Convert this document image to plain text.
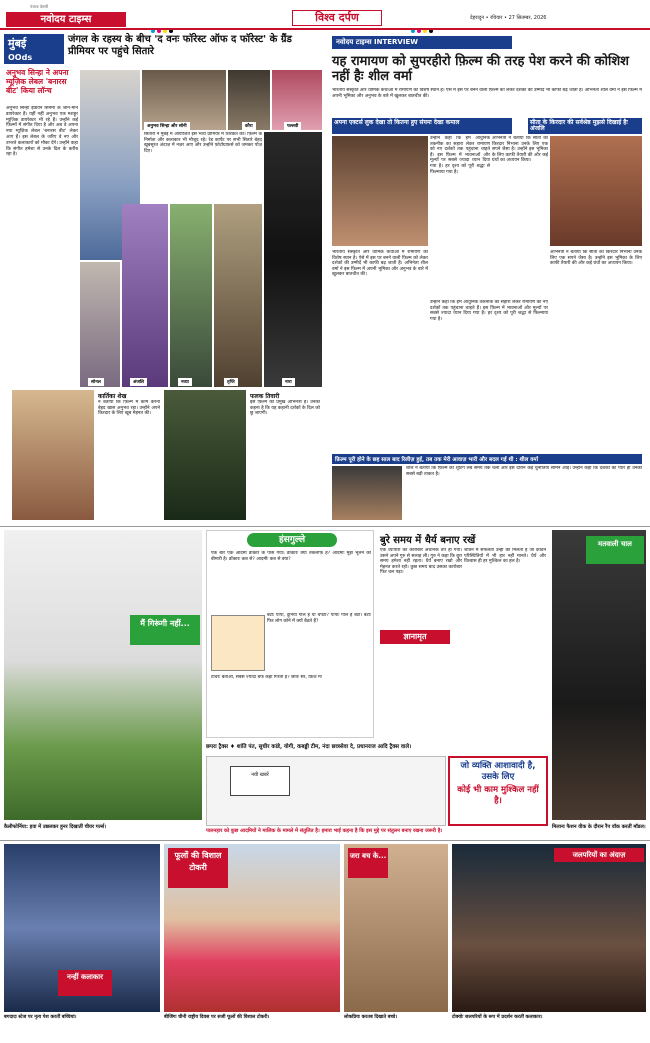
नवोदय टाइम्स
पंजाब केसरी
विश्व दर्पण	देहरादून • रविवार • 27 सितम्बर, 2026
मुंबई
OOds
जंगल के रहस्य के बीच 'द वनः फॉरेस्ट ऑफ द फॉरेस्ट' के ग्रैंड प्रीमियर पर पहुंचे सितारे
अनुभव सिन्हा ने अपना म्यूज़िक लेबल 'बनारस बीट' किया लॉन्च
अनुभव सिन्हा इंडियन सिनेमा के जाने-माने डायरेक्टर हैं। यहीं नहीं अनुभव एक मशहूर म्यूज़िक डायरेक्टर भी रहे हैं। उन्होंने कई फ़िल्मों में संगीत दिया है और अब वे अपना नया म्यूज़िक लेबल 'बनारस बीट' लेकर आए हैं। इस लेबल के जरिए वे नए और उभरते कलाकारों को मौका देंगे। उन्होंने कहा कि संगीत हमेशा से उनके दिल के करीब रहा है।
अनुभव सिन्हा और सोनी	कौरा	पल्लवी
सितारों ने मुंबई में आयोजित इस भव्य प्रीमियर में शिरकत की। फ़िल्म के निर्माता और कलाकार भी मौजूद रहे। रेड कार्पेट पर सभी सितारे बेहद खूबसूरत अंदाज़ में नज़र आए और उन्होंने फ़ोटोग्राफ़र्स को जमकर पोज़ दिए।
सोनल	अंजलि	नव्या	तृप्ति	नारा
कार्तिका शेख
ने बताया कि फ़िल्म में काम करना बेहद खास अनुभव रहा। उन्होंने अपने किरदार के लिए खूब मेहनत की।
फलक तिवारी
इस फ़िल्म की प्रमुख अभिनेत्री हैं। उनका कहना है कि यह कहानी दर्शकों के दिल को छू जाएगी।
नवोदय टाइम्स INTERVIEW
यह रामायण को सुपरहीरो फ़िल्म की तरह पेश करने की कोशिश नहीं हैः शील वर्मा
भारतीय संस्कृति और धार्मिक कथाओं में रामायण का विशेष स्थान है। ऐसे में इस पर बनने वाली फ़िल्म को लेकर दर्शकों की उम्मीदें भी काफी बढ़ जाती हैं। अभिनेता शील वर्मा ने इस फ़िल्म में अपनी भूमिका और अनुभव के बारे में खुलकर बातचीत की।
अपना एक्टर्स लुक देखा तो कितना हुए संयमः देखा कमाल	सीता के किरदार की सर्वश्रेष्ठ मुझसे दिखाई हैः अंजलि
उन्होंने कहा कि हम आधुनिक तकनीक का सहारा लेकर रामायण को नए दर्शकों तक पहुंचाना चाहते हैं। इस फ़िल्म में भावनाओं और मूल्यों पर सबसे ज्यादा ध्यान दिया गया है। हर दृश्य को पूरी श्रद्धा से फिल्माया गया है।
अभिनेत्री ने बताया कि सीता का किरदार निभाना उनके लिए एक सपने जैसा है। उन्होंने इस भूमिका के लिए काफी तैयारी की और कई ग्रंथों का अध्ययन किया।
भारतीय संस्कृति और धार्मिक कथाओं में रामायण का विशेष स्थान है। ऐसे में इस पर बनने वाली फ़िल्म को लेकर दर्शकों की उम्मीदें भी काफी बढ़ जाती हैं। अभिनेता शील वर्मा ने इस फ़िल्म में अपनी भूमिका और अनुभव के बारे में खुलकर बातचीत की।
उन्होंने कहा कि हम आधुनिक तकनीक का सहारा लेकर रामायण को नए दर्शकों तक पहुंचाना चाहते हैं। इस फ़िल्म में भावनाओं और मूल्यों पर सबसे ज्यादा ध्यान दिया गया है। हर दृश्य को पूरी श्रद्धा से फिल्माया गया है।
अभिनेत्री ने बताया कि सीता का किरदार निभाना उनके लिए एक सपने जैसा है। उन्होंने इस भूमिका के लिए काफी तैयारी की और कई ग्रंथों का अध्ययन किया।
फ़िल्म पूरी होने के छह साल बाद रिलीज़ हुई, तब तक मेरी आवाज़ भारी और बदल गई थी : शील वर्मा
शील ने बताया कि फ़िल्म की शूटिंग लंबे समय तक चली और इस दौरान कई चुनौतियां सामने आईं। उन्होंने कहा कि दर्शकों का प्यार ही उनकी सबसे बड़ी ताकत है।
मैं गिरूंगी नहीं...
कैलीफोर्निया: हवा में उछलकर हुनर दिखातीं चीयर गर्ल्स।
हंसगुल्ले
एक बार एक आदमी डॉक्टर के पास गया। डॉक्टरः क्या तकलीफ़ है? आदमीः मुझे भूलने की बीमारी है। डॉक्टरः कब से? आदमीः कब से क्या?
बेटाः पापा, दुनिया गोल है या चपटी? पापाः गोल है बेटा। बेटाः फिर लोग कोने में क्यों बैठते हैं?
टीचरः बताओ, सबसे ज्यादा बर्फ कहां गिरती है? छात्रः सर, फ्रिज में!
बुरे समय में धैर्य बनाए रखें
एक व्यापारी का कारोबार अचानक ठप हो गया। उसने अपने गुरु से सलाह ली। गुरु ने कहा कि बुरा समय हमेशा नहीं रहता। धैर्य बनाए रखो और मेहनत करते रहो। कुछ समय बाद उसका कारोबार फिर चल पड़ा।
ज्ञानामृत
जीवन में सफलता उन्हीं को मिलती है जो कठिन परिस्थितियों में भी हार नहीं मानते। धैर्य और विश्वास ही हर मुश्किल का हल है।
मतवाली चाल
मिलानः फैशन वीक के दौरान रैंप वॉक करतीं मॉडल।
छपरा ट्रैक्स ♦ शांति पंत, सुधीर कांडे, योगी, कबड्डी टीम, नंदा छात्रसेवा दे, प्रधानराज आदि ट्रैक्स वाले।
नयी खबरें
पालनहार को कुछ आदमियों ने मालिक के मामले में संतुलित है। हमारा भाई कहना है कि इस मुद्दे पर संतुलन बनाए रखना जरूरी है।
जो व्यक्ति आशावादी है, उसके लिए
कोई भी काम मुश्किल नहीं है।
नन्हीं कलाकार
फूलों की विशाल टोकरी
जरा बच के...	जलपरियों का अंदाज़
बगदादः स्टेज पर नृत्य पेश करतीं बच्चियां।	बीजिंगः चीनी राष्ट्रीय दिवस पर सजी फूलों की विशाल टोकरी।	लोकप्रियः करतब दिखाते बच्चे।	टोक्योः जलपरियों के रूप में प्रदर्शन करतीं कलाकार।
